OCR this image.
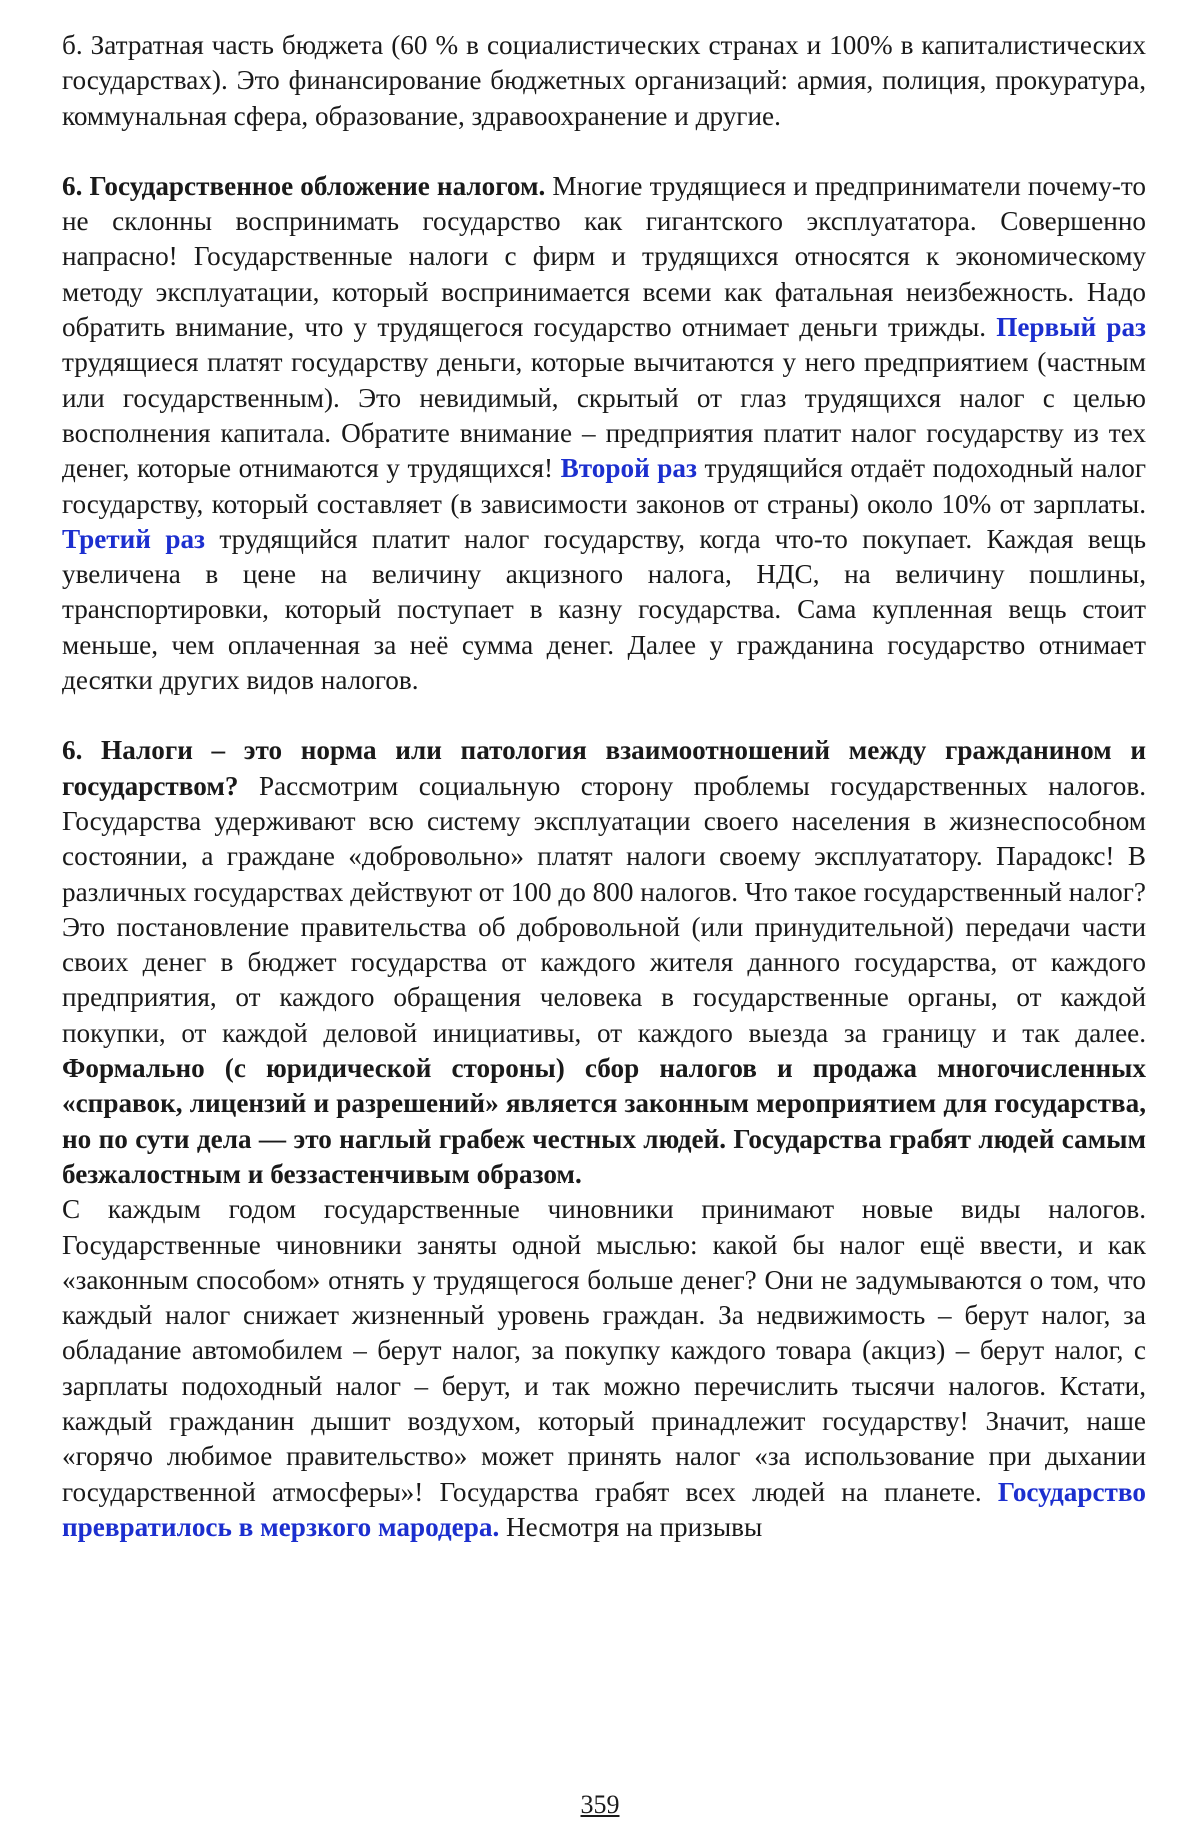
б. Затратная часть бюджета (60 % в социалистических странах и 100% в капиталистических государствах). Это финансирование бюджетных организаций: армия, полиция, прокуратура, коммунальная сфера, образование, здравоохранение и другие.

6. Государственное обложение налогом. Многие трудящиеся и предприниматели почему-то не склонны воспринимать государство как гигантского эксплуататора. Совершенно напрасно! Государственные налоги с фирм и трудящихся относятся к экономическому методу эксплуатации, который воспринимается всеми как фатальная неизбежность. Надо обратить внимание, что у трудящегося государство отнимает деньги трижды. Первый раз трудящиеся платят государству деньги, которые вычитаются у него предприятием (частным или государственным). Это невидимый, скрытый от глаз трудящихся налог с целью восполнения капитала. Обратите внимание – предприятия платит налог государству из тех денег, которые отнимаются у трудящихся! Второй раз трудящийся отдаёт подоходный налог государству, который составляет (в зависимости законов от страны) около 10% от зарплаты. Третий раз трудящийся платит налог государству, когда что-то покупает. Каждая вещь увеличена в цене на величину акцизного налога, НДС, на величину пошлины, транспортировки, который поступает в казну государства. Сама купленная вещь стоит меньше, чем оплаченная за неё сумма денег. Далее у гражданина государство отнимает десятки других видов налогов.

6. Налоги – это норма или патология взаимоотношений между гражданином и государством? Рассмотрим социальную сторону проблемы государственных налогов. Государства удерживают всю систему эксплуатации своего населения в жизнеспособном состоянии, а граждане «добровольно» платят налоги своему эксплуататору. Парадокс! В различных государствах действуют от 100 до 800 налогов. Что такое государственный налог? Это постановление правительства об добровольной (или принудительной) передачи части своих денег в бюджет государства от каждого жителя данного государства, от каждого предприятия, от каждого обращения человека в государственные органы, от каждой покупки, от каждой деловой инициативы, от каждого выезда за границу и так далее. Формально (с юридической стороны) сбор налогов и продажа многочисленных «справок, лицензий и разрешений» является законным мероприятием для государства, но по сути дела — это наглый грабеж честных людей. Государства грабят людей самым безжалостным и беззастенчивым образом.

С каждым годом государственные чиновники принимают новые виды налогов. Государственные чиновники заняты одной мыслью: какой бы налог ещё ввести, и как «законным способом» отнять у трудящегося больше денег? Они не задумываются о том, что каждый налог снижает жизненный уровень граждан. За недвижимость – берут налог, за обладание автомобилем – берут налог, за покупку каждого товара (акциз) – берут налог, с зарплаты подоходный налог – берут, и так можно перечислить тысячи налогов. Кстати, каждый гражданин дышит воздухом, который принадлежит государству! Значит, наше «горячо любимое правительство» может принять налог «за использование при дыхании государственной атмосферы»! Государства грабят всех людей на планете. Государство превратилось в мерзкого мародера. Несмотря на призывы

359
